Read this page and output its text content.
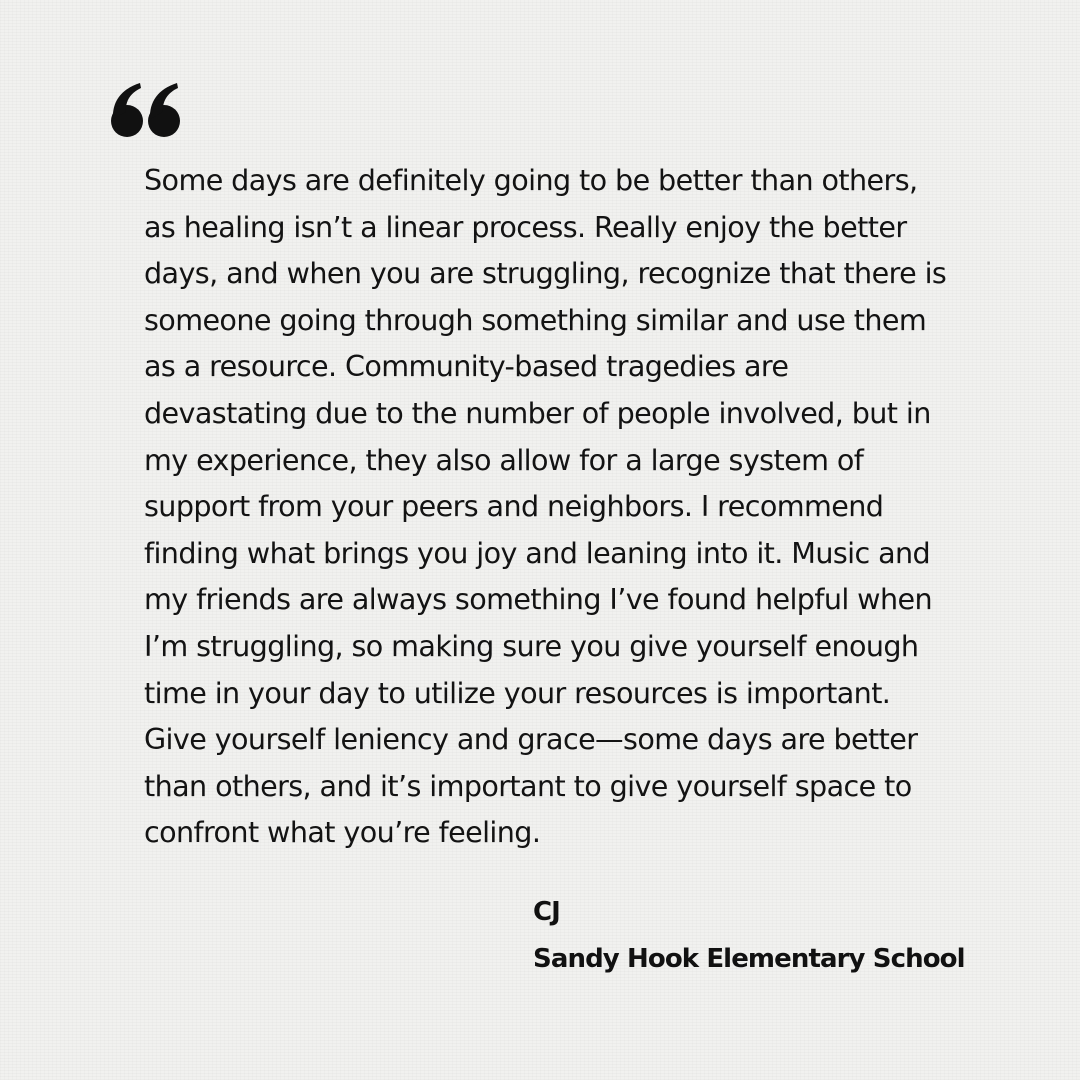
Some days are definitely going to be better than others,
as healing isn’t a linear process. Really enjoy the better
days, and when you are struggling, recognize that there is
someone going through something similar and use them
as a resource. Community-based tragedies are
devastating due to the number of people involved, but in
my experience, they also allow for a large system of
support from your peers and neighbors. I recommend
finding what brings you joy and leaning into it. Music and
my friends are always something I’ve found helpful when
I’m struggling, so making sure you give yourself enough
time in your day to utilize your resources is important.
Give yourself leniency and grace—some days are better
than others, and it’s important to give yourself space to
confront what you’re feeling.

CJ
Sandy Hook Elementary School
